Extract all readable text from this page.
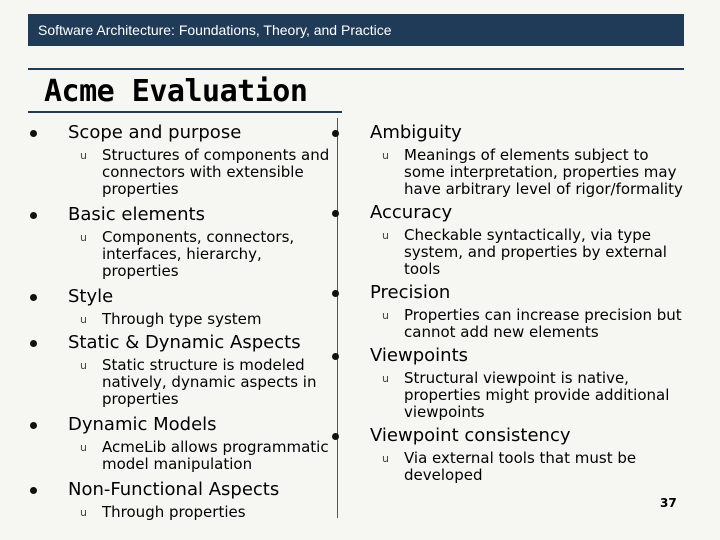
Software Architecture: Foundations, Theory, and Practice
Acme Evaluation
Scope and purpose
u Structures of components and connectors with extensible properties
Basic elements
u Components, connectors, interfaces, hierarchy, properties
Style
u Through type system
Static & Dynamic Aspects
u Static structure is modeled natively, dynamic aspects in properties
Dynamic Models
u AcmeLib allows programmatic model manipulation
Non-Functional Aspects
u Through properties
Ambiguity
u Meanings of elements subject to some interpretation, properties may have arbitrary level of rigor/formality
Accuracy
u Checkable syntactically, via type system, and properties by external tools
Precision
u Properties can increase precision but cannot add new elements
Viewpoints
u Structural viewpoint is native, properties might provide additional viewpoints
Viewpoint consistency
u Via external tools that must be developed
37
